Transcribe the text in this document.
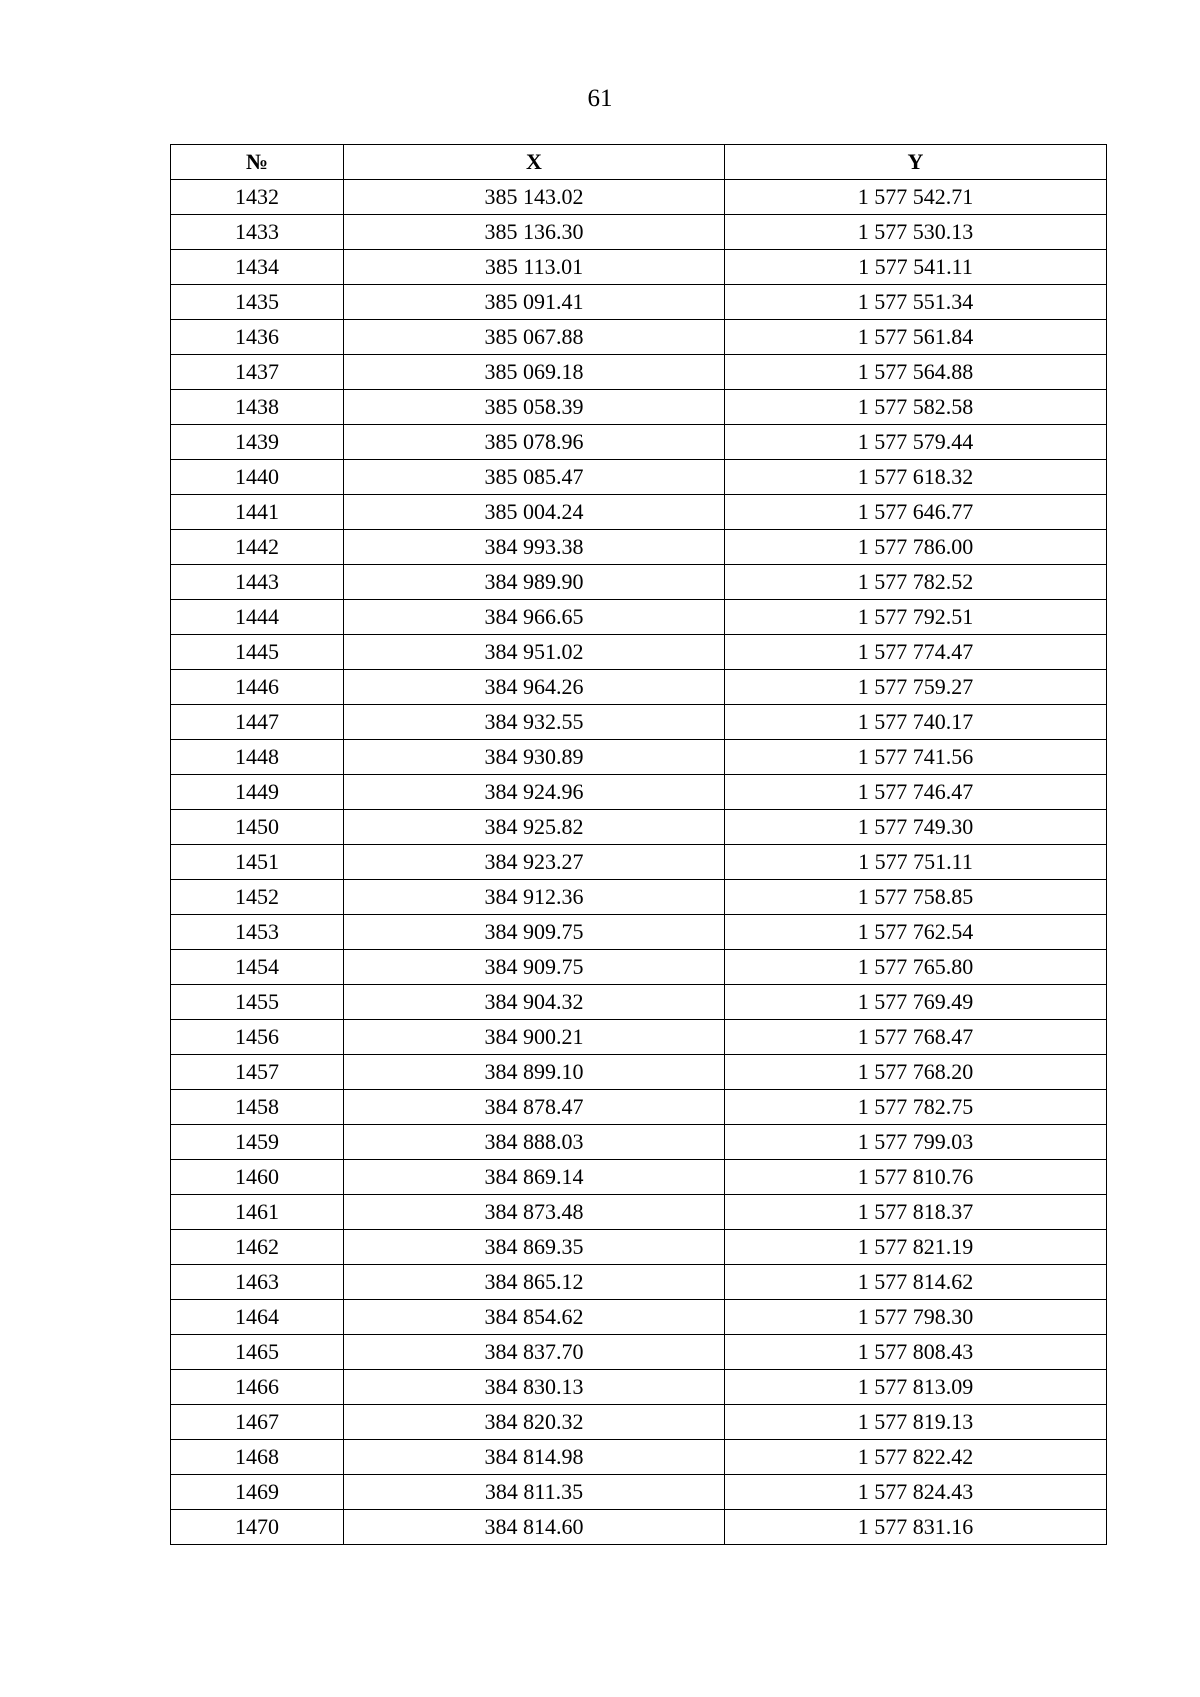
61
№	X	Y
1432	385 143.02	1 577 542.71
1433	385 136.30	1 577 530.13
1434	385 113.01	1 577 541.11
1435	385 091.41	1 577 551.34
1436	385 067.88	1 577 561.84
1437	385 069.18	1 577 564.88
1438	385 058.39	1 577 582.58
1439	385 078.96	1 577 579.44
1440	385 085.47	1 577 618.32
1441	385 004.24	1 577 646.77
1442	384 993.38	1 577 786.00
1443	384 989.90	1 577 782.52
1444	384 966.65	1 577 792.51
1445	384 951.02	1 577 774.47
1446	384 964.26	1 577 759.27
1447	384 932.55	1 577 740.17
1448	384 930.89	1 577 741.56
1449	384 924.96	1 577 746.47
1450	384 925.82	1 577 749.30
1451	384 923.27	1 577 751.11
1452	384 912.36	1 577 758.85
1453	384 909.75	1 577 762.54
1454	384 909.75	1 577 765.80
1455	384 904.32	1 577 769.49
1456	384 900.21	1 577 768.47
1457	384 899.10	1 577 768.20
1458	384 878.47	1 577 782.75
1459	384 888.03	1 577 799.03
1460	384 869.14	1 577 810.76
1461	384 873.48	1 577 818.37
1462	384 869.35	1 577 821.19
1463	384 865.12	1 577 814.62
1464	384 854.62	1 577 798.30
1465	384 837.70	1 577 808.43
1466	384 830.13	1 577 813.09
1467	384 820.32	1 577 819.13
1468	384 814.98	1 577 822.42
1469	384 811.35	1 577 824.43
1470	384 814.60	1 577 831.16
